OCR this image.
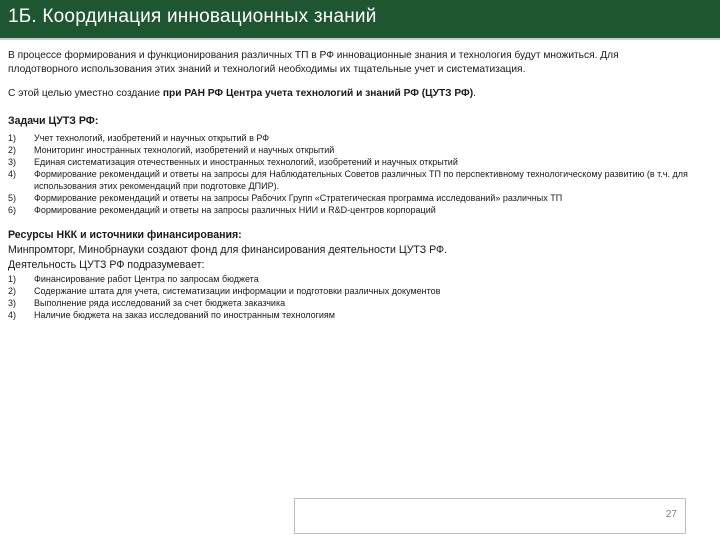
1Б. Координация инновационных знаний

В процессе формирования и функционирования различных ТП в РФ инновационные знания и технология будут множиться. Для плодотворного использования этих знаний и технологий необходимы их тщательные учет и систематизация.

С этой целью уместно создание при РАН РФ Центра учета технологий и знаний РФ (ЦУТЗ РФ).

Задачи ЦУТЗ РФ:

1)	Учет технологий, изобретений и научных открытий в РФ
2)	Мониторинг иностранных технологий, изобретений и научных открытий
3)	Единая систематизация отечественных и иностранных технологий, изобретений и научных открытий
4)	Формирование рекомендаций и ответы на запросы для Наблюдательных Советов различных ТП по перспективному технологическому развитию (в т.ч. для использования этих рекомендаций при подготовке ДПИР).
5)	Формирование рекомендаций и ответы на запросы Рабочих Групп «Стратегическая программа исследований» различных ТП
6)	Формирование рекомендаций и ответы на запросы различных НИИ и R&D-центров корпораций

Ресурсы НКК и источники финансирования:

Минпромторг, Минобрнауки создают фонд для финансирования деятельности ЦУТЗ РФ.

Деятельность ЦУТЗ РФ подразумевает:

1)	Финансирование работ Центра по запросам бюджета
2)	Содержание штата для учета, систематизации информации и подготовки различных документов
3)	Выполнение ряда исследований за счет бюджета заказчика
4)	Наличие бюджета на заказ исследований по иностранным технологиям
27
